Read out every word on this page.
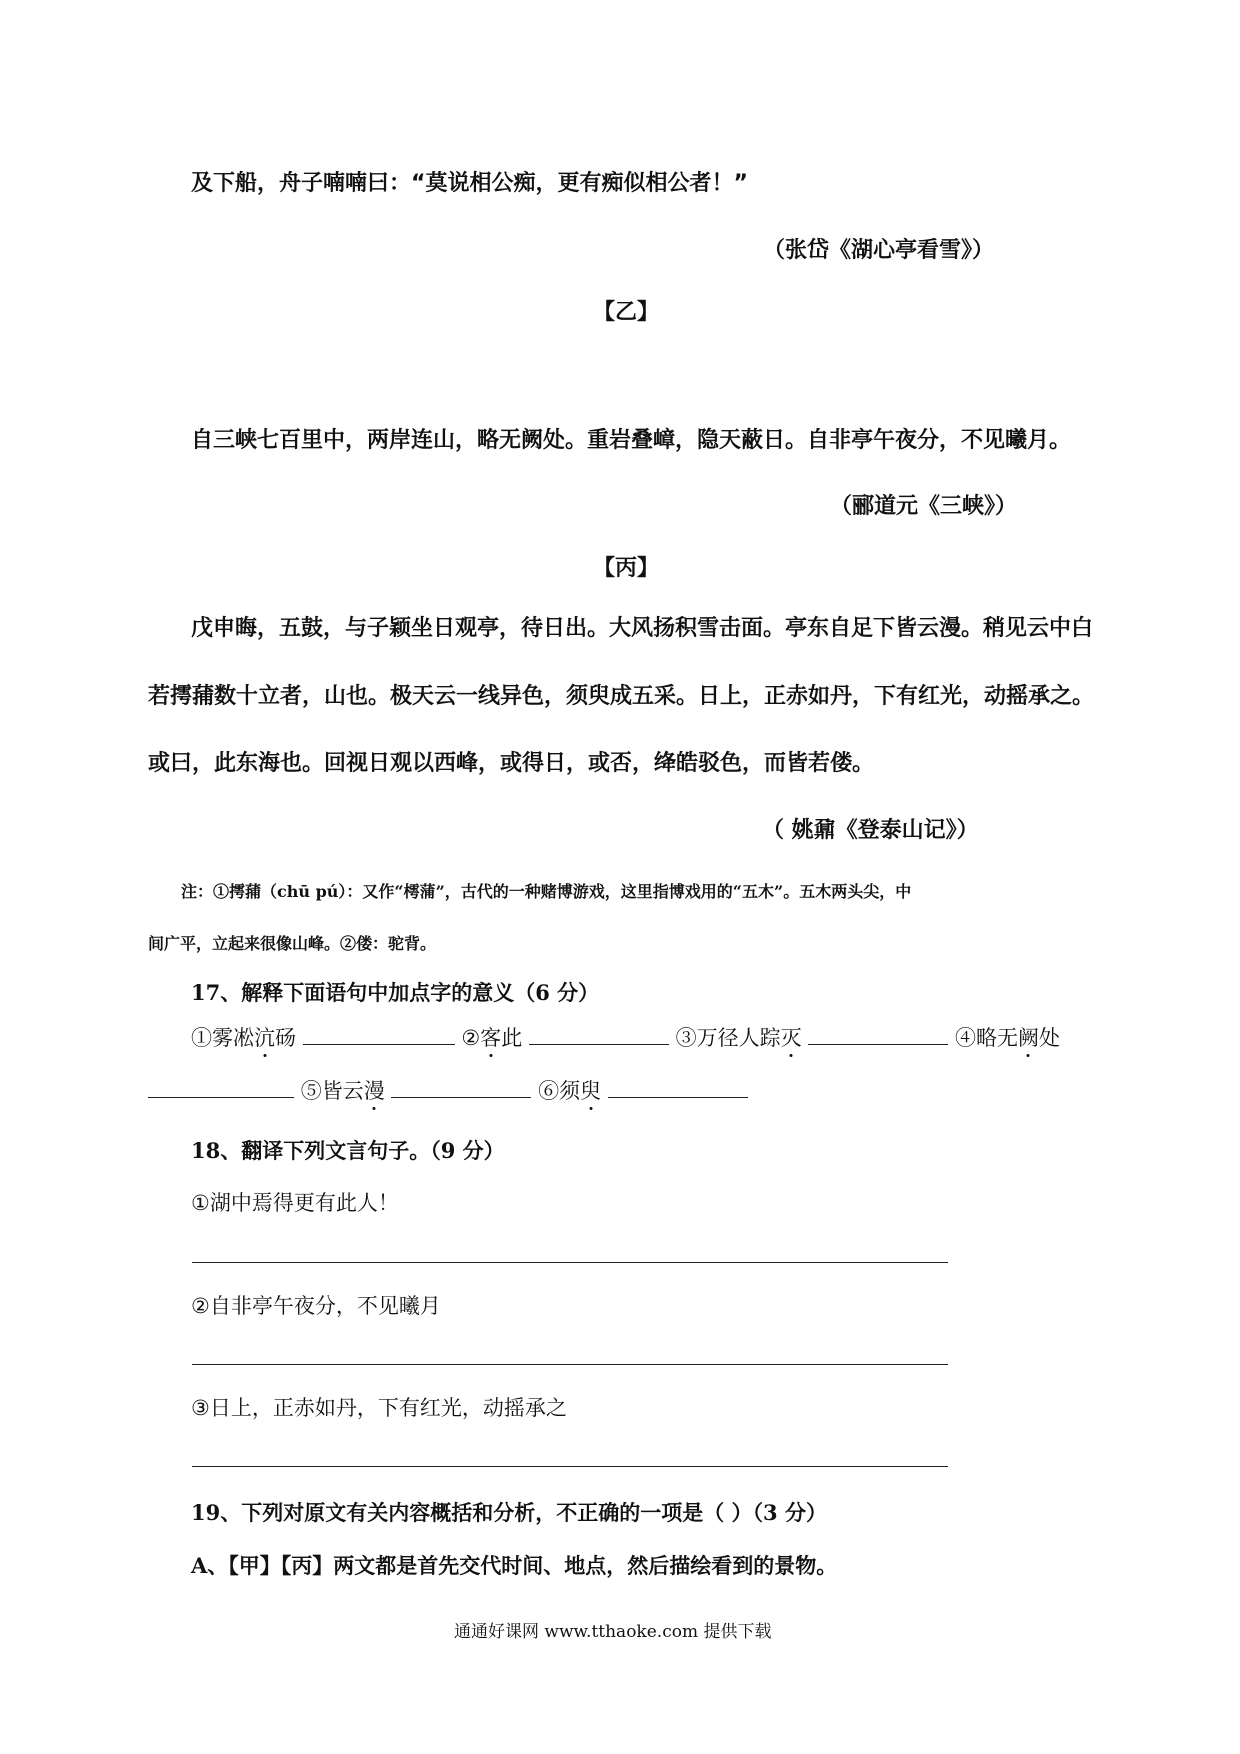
及下船，舟子喃喃曰：“莫说相公痴，更有痴似相公者！”
（张岱《湖心亭看雪》）
【乙】
自三峡七百里中，两岸连山，略无阙处。重岩叠嶂，隐天蔽日。自非亭午夜分，不见曦月。
（郦道元《三峡》）
【丙】
戊申晦，五鼓，与子颖坐日观亭，待日出。大风扬积雪击面。亭东自足下皆云漫。稍见云中白
若摴蒱数十立者，山也。极天云一线异色，须臾成五采。日上，正赤如丹，下有红光，动摇承之。
或曰，此东海也。回视日观以西峰，或得日，或否，绛皓驳色，而皆若偻。
（ 姚鼐《登泰山记》）
注：①摴蒱（chū pú）：又作“樗蒲”，古代的一种赌博游戏，这里指博戏用的“五木”。五木两头尖，中
间广平，立起来很像山峰。②偻：驼背。
17、解释下面语句中加点字的意义（6 分）
①雾凇沆砀	②客此	③万径人踪灭	④略无阙处
⑤皆云漫	⑥须臾
18、翻译下列文言句子。（9 分）
①湖中焉得更有此人！
②自非亭午夜分，不见曦月
③日上，正赤如丹，下有红光，动摇承之
19、下列对原文有关内容概括和分析，不正确的一项是（ ）（3 分）
A、【甲】【丙】两文都是首先交代时间、地点，然后描绘看到的景物。
通通好课网 www.tthaoke.com 提供下载
